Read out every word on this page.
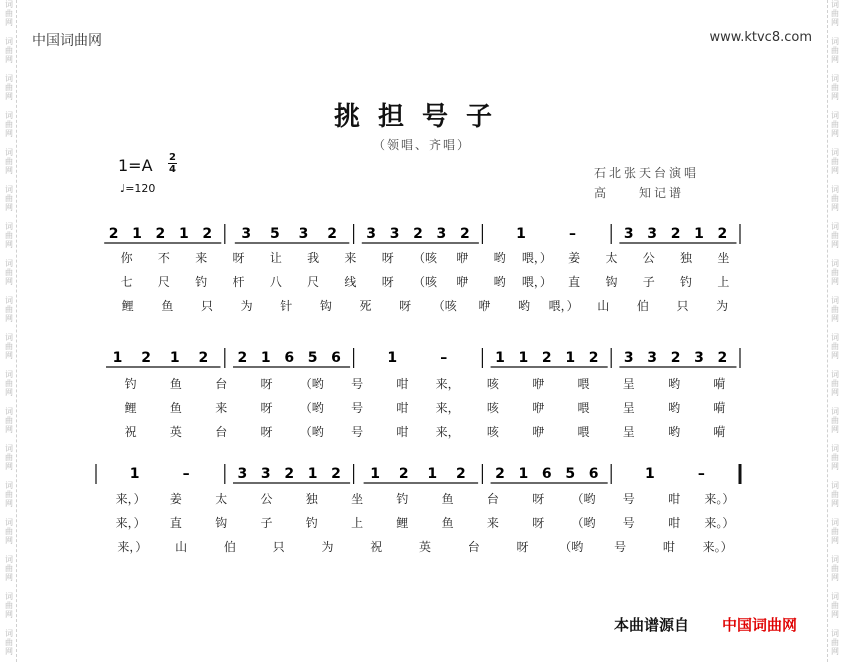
词
曲
网
词
曲
网
词
曲
网
词
曲
网
词
曲
网
词
曲
网
词
曲
网
词
曲
网
词
曲
网
词
曲
网
词
曲
网
词
曲
网
词
曲
网
词
曲
网
词
曲
网
词
曲
网
词
曲
网
词
曲
网
词
曲
网
词
曲
网
词
曲
网
词
曲
网
词
曲
网
词
曲
网
词
曲
网
词
曲
网
词
曲
网
词
曲
网
词
曲
网
词
曲
网
词
曲
网
词
曲
网
词
曲
网
词
曲
网
词
曲
网
词
曲
网
中国词曲网	www.ktvc8.com
挑担号子
（领唱、齐唱）
1=A 2
4
♩=120
石北张天台演唱
高　　知记谱
2 1 2 1 2 3 5 3 2 3 3 2 3 2	1	–	3 3 2 1 2
你 不 来 呀 让 我 来 呀 （咳 咿 哟 喂，） 姜 太 公 独 坐
七 尺 钓 杆 八 尺 线 呀 （咳 咿 哟 喂，） 直 钩 子 钓 上
鲤 鱼 只 为 针 钩 死 呀 （咳 咿 哟 喂，） 山 伯 只 为
1 2 1 2 2 1 6 5 6	1	–	1 1 2 1 2 3 3 2 3 2
钓	鱼	台	呀 （哟 号	咁 来， 咳	咿	喂	呈	哟	嗬
鲤	鱼	来	呀 （哟 号	咁 来， 咳	咿	喂	呈	哟	嗬
祝	英	台	呀 （哟 号	咁 来， 咳	咿	喂	呈	哟	嗬
1	–	3 3 2 1 2 1 2 1 2 2 1 6 5 6	1	–
来，） 姜	太	公	独	坐	钓	鱼	台	呀 （哟 号	咁 来。）
来，） 直	钩	子	钓	上	鲤	鱼	来	呀 （哟 号	咁 来。）
来，） 山	伯	只	为	祝	英	台	呀	（哟	号	咁 来。）
本曲谱源自 中国词曲网
